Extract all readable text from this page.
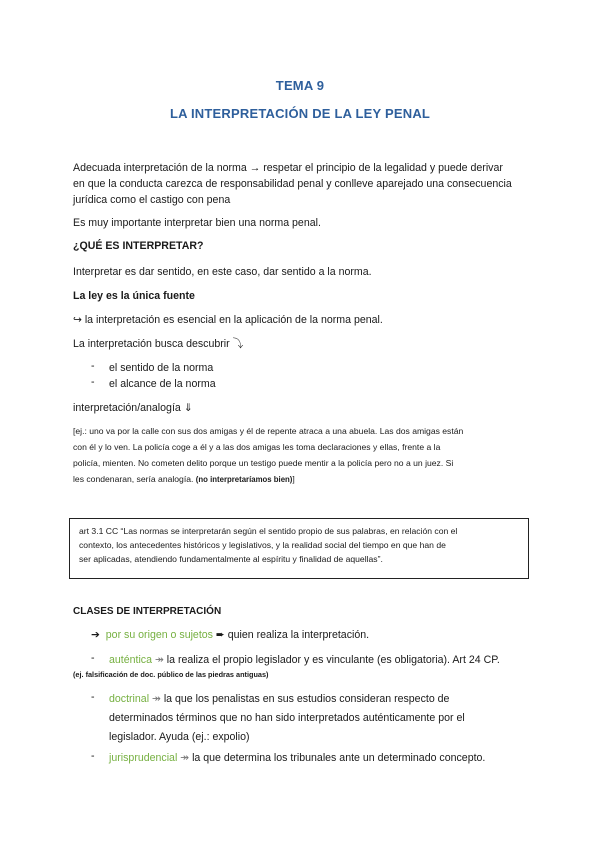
TEMA 9
LA INTERPRETACIÓN DE LA LEY PENAL
Adecuada interpretación de la norma → respetar el principio de la legalidad y puede derivar
en que la conducta carezca de responsabilidad penal y conlleve aparejado una consecuencia
jurídica como el castigo con pena
Es muy importante interpretar bien una norma penal.
¿QUÉ ES INTERPRETAR?
Interpretar es dar sentido, en este caso, dar sentido a la norma.
La ley es la única fuente
↪ la interpretación es esencial en la aplicación de la norma penal.
La interpretación busca descubrir ⤵
- el sentido de la norma
- el alcance de la norma
interpretación/analogía ⇓
[ej.: uno va por la calle con sus dos amigas y él de repente atraca a una abuela. Las dos amigas están
con él y lo ven. La policía coge a él y a las dos amigas les toma declaraciones y ellas, frente a la
policía, mienten. No cometen delito porque un testigo puede mentir a la policía pero no a un juez. Si
les condenaran, sería analogía. (no interpretaríamos bien)]
art 3.1 CC “Las normas se interpretarán según el sentido propio de sus palabras, en relación con el
contexto, los antecedentes históricos y legislativos, y la realidad social del tiempo en que han de
ser aplicadas, atendiendo fundamentalmente al espíritu y finalidad de aquellas”.
CLASES DE INTERPRETACIÓN
➔ por su origen o sujetos ➨ quien realiza la interpretación.
- auténtica ↠ la realiza el propio legislador y es vinculante (es obligatoria). Art 24 CP.
(ej. falsificación de doc. público de las piedras antiguas)
- doctrinal ↠ la que los penalistas en sus estudios consideran respecto de
determinados términos que no han sido interpretados auténticamente por el
legislador. Ayuda (ej.: expolio)
- jurisprudencial ↠ la que determina los tribunales ante un determinado concepto.
